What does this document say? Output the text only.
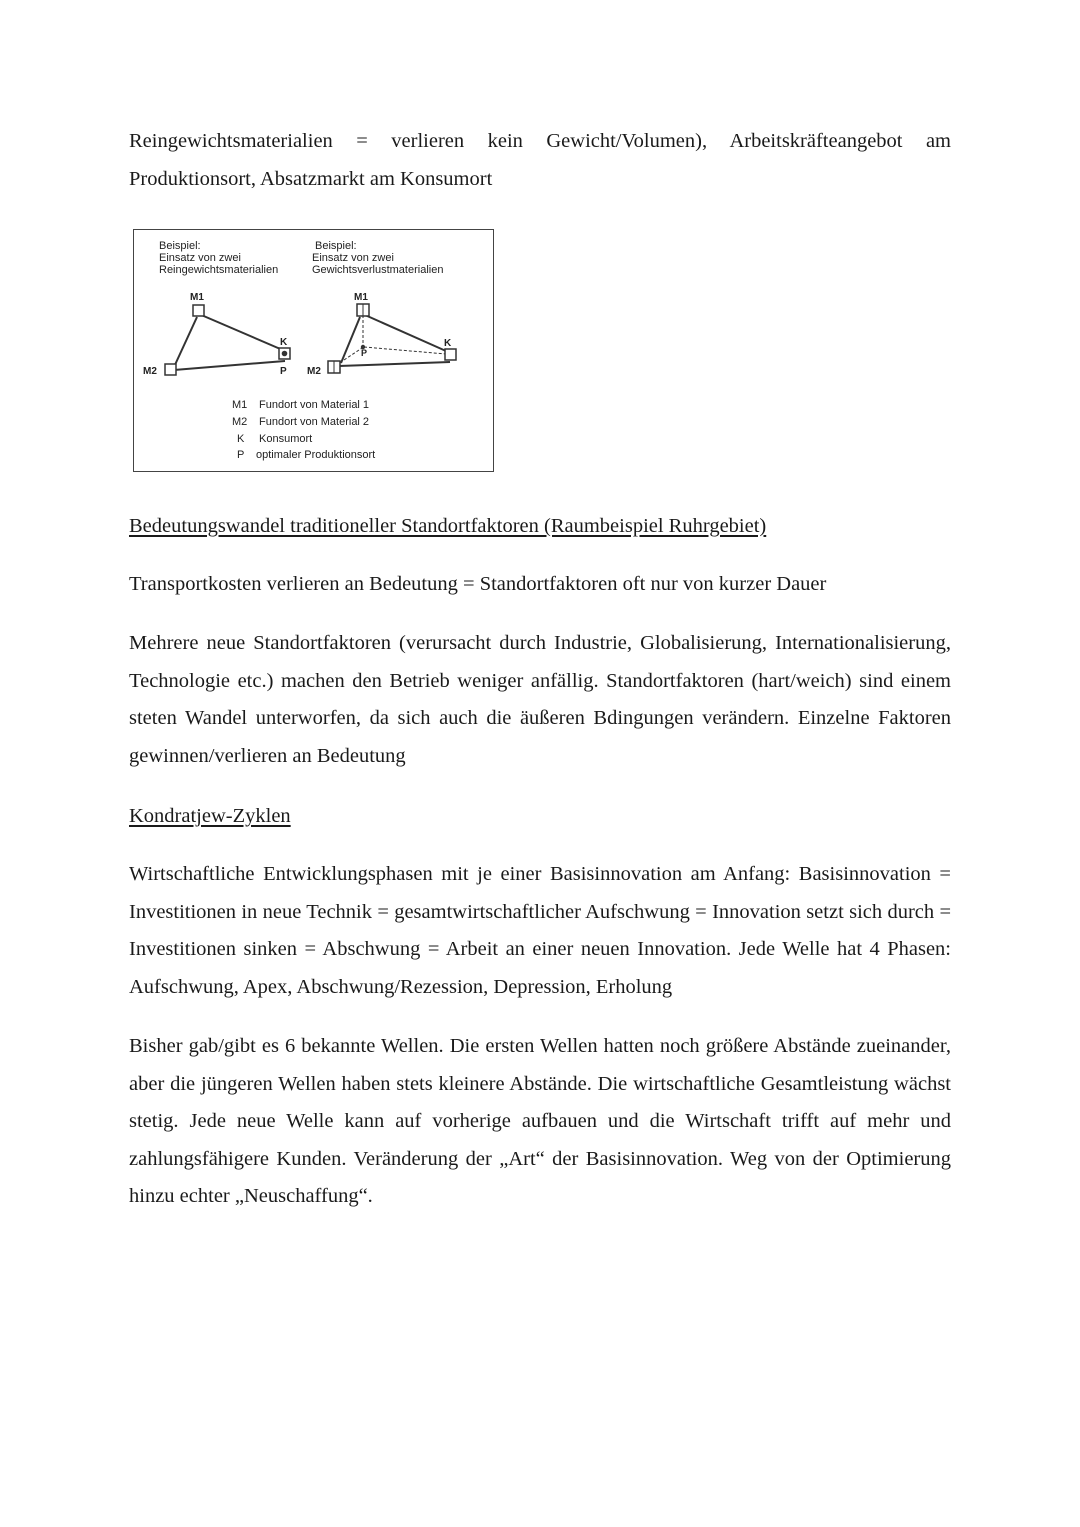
Reingewichtsmaterialien = verlieren kein Gewicht/Volumen), Arbeitskräfteangebot am Produktionsort, Absatzmarkt am Konsumort

Beispiel:
Einsatz von zwei
Reingewichtsmaterialien
Beispiel:
Einsatz von zwei
Gewichtsverlustmaterialien
M1
M2
K
P
M1
M2
K
P
M1 Fundort von Material 1
M2 Fundort von Material 2
K Konsumort
P optimaler Produktionsort
Bedeutungswandel traditioneller Standortfaktoren (Raumbeispiel Ruhrgebiet)

Transportkosten verlieren an Bedeutung = Standortfaktoren oft nur von kurzer Dauer

Mehrere neue Standortfaktoren (verursacht durch Industrie, Globalisierung, Internationalisierung, Technologie etc.) machen den Betrieb weniger anfällig. Standortfaktoren (hart/weich) sind einem steten Wandel unterworfen, da sich auch die äußeren Bdingungen verändern. Einzelne Faktoren gewinnen/verlieren an Bedeutung

Kondratjew-Zyklen

Wirtschaftliche Entwicklungsphasen mit je einer Basisinnovation am Anfang: Basisinnovation = Investitionen in neue Technik = gesamtwirtschaftlicher Aufschwung = Innovation setzt sich durch = Investitionen sinken = Abschwung = Arbeit an einer neuen Innovation. Jede Welle hat 4 Phasen: Aufschwung, Apex, Abschwung/Rezession, Depression, Erholung

Bisher gab/gibt es 6 bekannte Wellen. Die ersten Wellen hatten noch größere Abstände zueinander, aber die jüngeren Wellen haben stets kleinere Abstände. Die wirtschaftliche Gesamtleistung wächst stetig. Jede neue Welle kann auf vorherige aufbauen und die Wirtschaft trifft auf mehr und zahlungsfähigere Kunden. Veränderung der „Art“ der Basisinnovation. Weg von der Optimierung hinzu echter „Neuschaffung“.
